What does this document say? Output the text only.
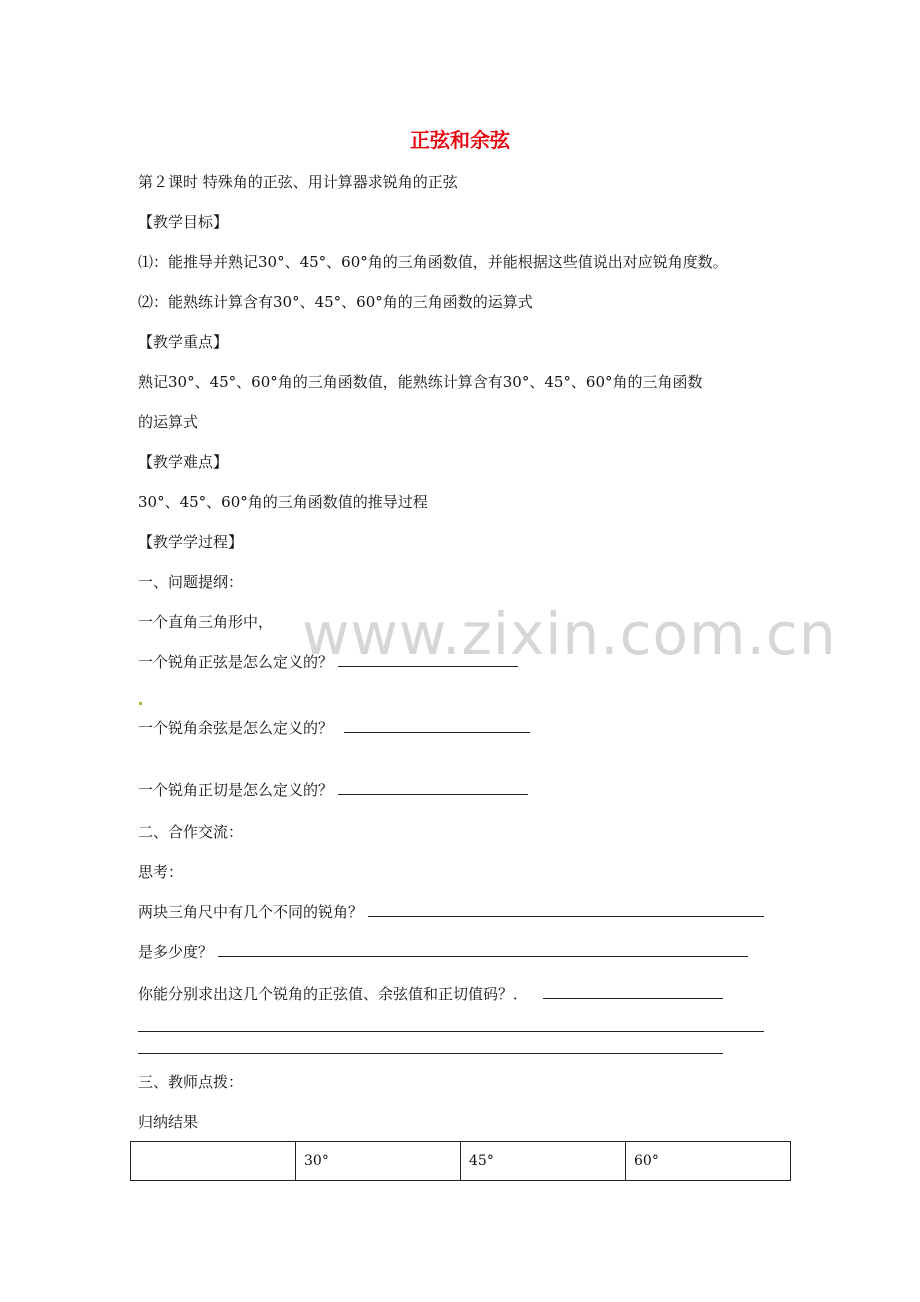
正弦和余弦
第２课时 特殊角的正弦、用计算器求锐角的正弦
【教学目标】
⑴：能推导并熟记30°、45°、60°角的三角函数值，并能根据这些值说出对应锐角度数。
⑵：能熟练计算含有30°、45°、60°角的三角函数的运算式
【教学重点】
熟记30°、45°、60°角的三角函数值，能熟练计算含有30°、45°、60°角的三角函数
的运算式
【教学难点】
30°、45°、60°角的三角函数值的推导过程
【教学学过程】
一、问题提纲：
www.zixin.com.cn
一个直角三角形中，
一个锐角正弦是怎么定义的？
一个锐角余弦是怎么定义的？
一个锐角正切是怎么定义的？
二、合作交流：
思考：
两块三角尺中有几个不同的锐角？
是多少度？
你能分别求出这几个锐角的正弦值、余弦值和正切值码？．
三、教师点拨：
归纳结果
	30°	45°	60°
